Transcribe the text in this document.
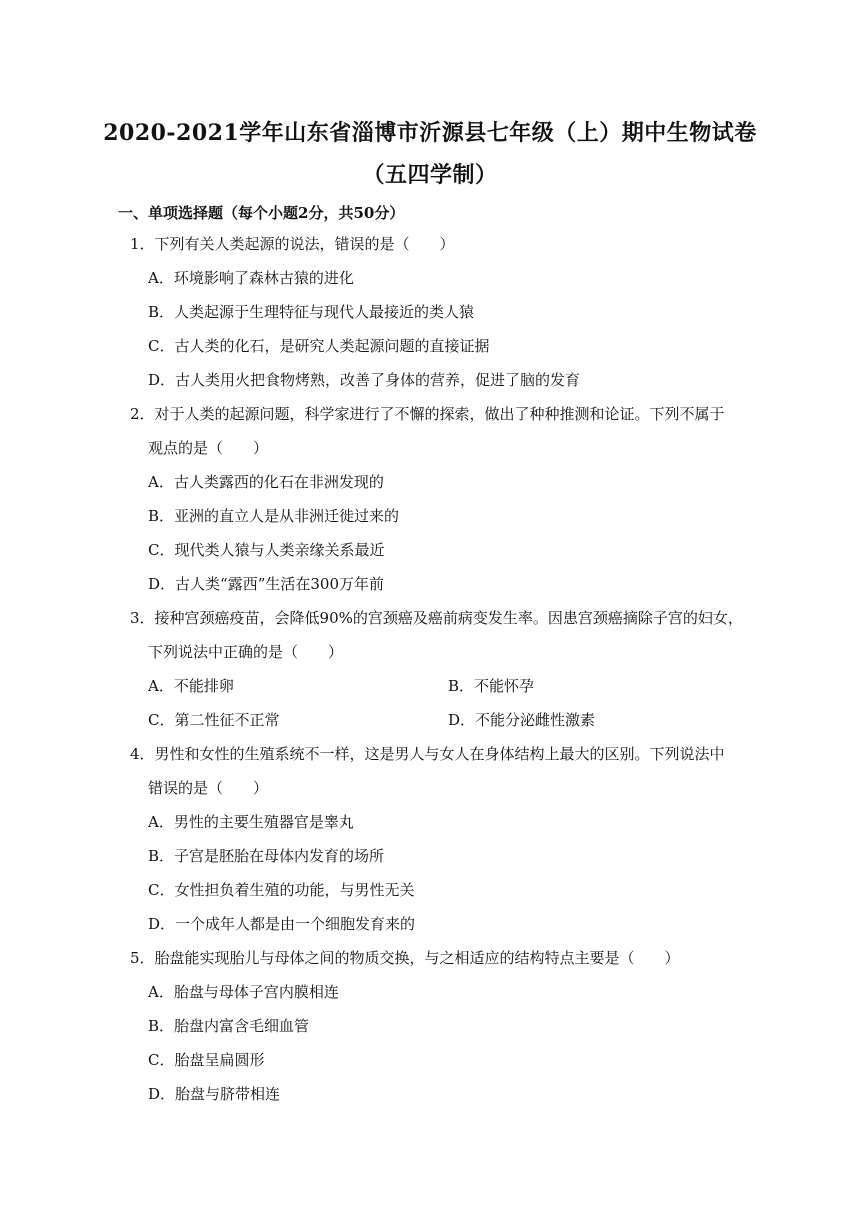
2020-2021学年山东省淄博市沂源县七年级（上）期中生物试卷
（五四学制）
一、单项选择题（每个小题2分，共50分）
1．下列有关人类起源的说法，错误的是（　　）
A．环境影响了森林古猿的进化
B．人类起源于生理特征与现代人最接近的类人猿
C．古人类的化石，是研究人类起源问题的直接证据
D．古人类用火把食物烤熟，改善了身体的营养，促进了脑的发育
2．对于人类的起源问题，科学家进行了不懈的探索，做出了种种推测和论证。下列不属于
观点的是（　　）
A．古人类露西的化石在非洲发现的
B．亚洲的直立人是从非洲迁徙过来的
C．现代类人猿与人类亲缘关系最近
D．古人类“露西”生活在300万年前
3．接种宫颈癌疫苗，会降低90%的宫颈癌及癌前病变发生率。因患宫颈癌摘除子宫的妇女，
下列说法中正确的是（　　）
A．不能排卵	B．不能怀孕
C．第二性征不正常	D．不能分泌雌性激素
4．男性和女性的生殖系统不一样，这是男人与女人在身体结构上最大的区别。下列说法中
错误的是（　　）
A．男性的主要生殖器官是睾丸
B．子宫是胚胎在母体内发育的场所
C．女性担负着生殖的功能，与男性无关
D．一个成年人都是由一个细胞发育来的
5．胎盘能实现胎儿与母体之间的物质交换，与之相适应的结构特点主要是（　　）
A．胎盘与母体子宫内膜相连
B．胎盘内富含毛细血管
C．胎盘呈扁圆形
D．胎盘与脐带相连
